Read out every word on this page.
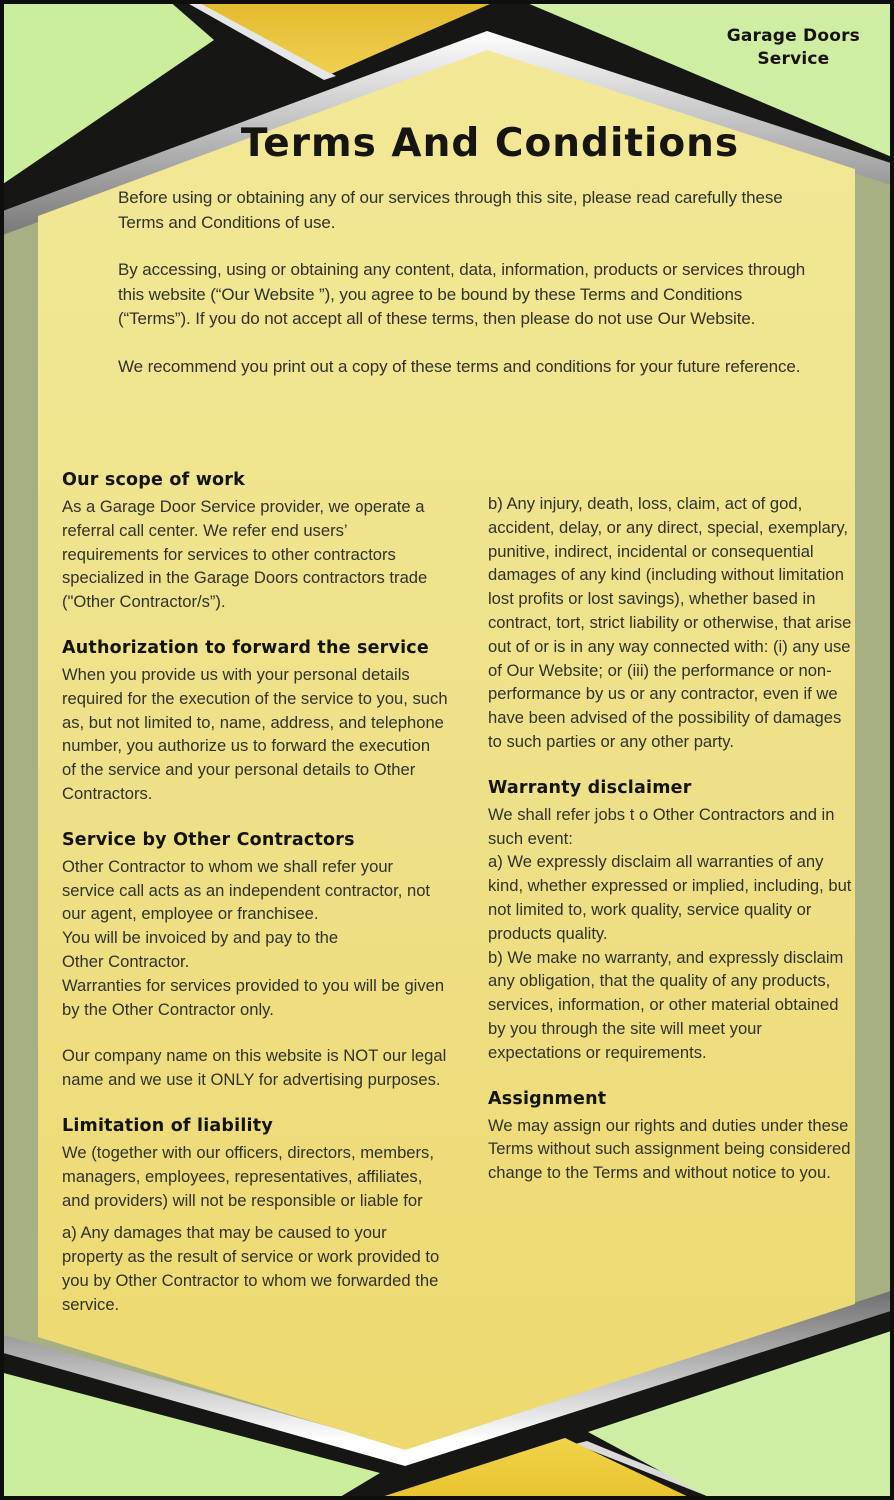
Garage Doors
Service
Terms And Conditions

Before using or obtaining any of our services through this site, please read carefully these Terms and Conditions of use.

By accessing, using or obtaining any content, data, information, products or services through this website (“Our Website ”), you agree to be bound by these Terms and Conditions (“Terms”). If you do not accept all of these terms, then please do not use Our Website.

We recommend you print out a copy of these terms and conditions for your future reference.

Our scope of work

As a Garage Door Service provider, we operate a referral call center. We refer end users’ requirements for services to other contractors specialized in the Garage Doors contractors trade ("Other Contractor/s”).

Authorization to forward the service

When you provide us with your personal details required for the execution of the service to you, such as, but not limited to, name, address, and telephone number, you authorize us to forward the execution of the service and your personal details to Other Contractors.

Service by Other Contractors

Other Contractor to whom we shall refer your service call acts as an independent contractor, not our agent, employee or franchisee.

You will be invoiced by and pay to the

Other Contractor.

Warranties for services provided to you will be given by the Other Contractor only.

Our company name on this website is NOT our legal name and we use it ONLY for advertising purposes.

Limitation of liability

We (together with our officers, directors, members, managers, employees, representatives, affiliates, and providers) will not be responsible or liable for

a) Any damages that may be caused to your property as the result of service or work provided to you by Other Contractor to whom we forwarded the service.

b) Any injury, death, loss, claim, act of god, accident, delay, or any direct, special, exemplary, punitive, indirect, incidental or consequential damages of any kind (including without limitation lost profits or lost savings), whether based in contract, tort, strict liability or otherwise, that arise out of or is in any way connected with: (i) any use of Our Website; or (iii) the performance or non-performance by us or any contractor, even if we have been advised of the possibility of damages to such parties or any other party.

Warranty disclaimer

We shall refer jobs t o Other Contractors and in such event:

a) We expressly disclaim all warranties of any kind, whether expressed or implied, including, but not limited to, work quality, service quality or products quality.

b) We make no warranty, and expressly disclaim any obligation, that the quality of any products, services, information, or other material obtained by you through the site will meet your expectations or requirements.

Assignment

We may assign our rights and duties under these Terms without such assignment being considered change to the Terms and without notice to you.
